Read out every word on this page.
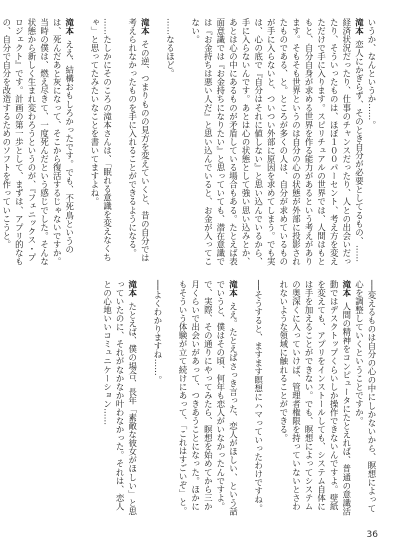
いうか、なんというか……。

滝本恋人にかぎらず、そのとき自分が必要としてるもの、……経済状況だったり、仕事のチャンスだったり、人との出会いだったり、そういったものは、ほぼ１００パーセント、考え方を変えただけで手に入ります。スピリチュアルの世界では、人間はもともと、自分自身が求める世界を作る能力があるという考えがあります。そもそも世界というのは自分の心の状態が外部に投影されたものである、と。ところが多くの人は、自分が求めているものが手に入らないと、ついつい外部に原因を求めてしまう。でも実は、心の底で『自分はそれに値しない』と思い込んでいるから、手に入らないんです。あとは心の状態として強い思い込みとか、あとは心の中にあるものが矛盾している場合もある。たとえば表面意識では『お金持ちになりたい』と思っていても、潜在意識では『お金持ちは悪い人だ』と思い込んでいると、お金が入ってこない。

……なるほど。

滝本その逆、つまりものの見方を変えていくと、昔の自分では考えられなかったものを手に入れることができるようになる。

……たしかにそのころの滝本さんは、「眠れる意識を変えなくちゃ」と思ってたみたいなことを書いてますよね。

滝本ええ、結構おもしろかったです。でも、不死鳥というのは、死んだあと灰になって、そこから復活するじゃないですか。当時の僕は、燃え尽きて、一度死んだという感じでした。そんな状態から新しく生まれ変わろうというのが、『フェニックス・プロジェクト』です。計画の第一歩として、まずは、アプリ的なもの、自分で自分を改造するためのソフトを作っていこうと。

──変えるものは自分の心の中にしかないから、瞑想によって心を調整していくということですか。

滝本人間の精神をコンピュータにたとえれば、普通の意識活動ではデスクトップくらいしか操作できないんですよ。壁紙を変えても、アプリをインストールしても、システム自体には手を加えることができない。でも、瞑想によってシステムの奥深くに入っていけば、管理者権限を持っていないとさわれないような領域に触れることができる。

──そうすると、ますます瞑想にハマっていったわけですね。

滝本ええ。たとえばさっき言った、恋人がほしい、という話でいうと、僕はその頃、何年も恋人がいなかったんですよ。で、実際、その通りにやってみたら、瞑想を始めてから三か月くらいで出会いがあって、つきあうことになった。ほかにもそういう体験が立て続けにあって、「これはすごいぞ」と。

──よくわかりますね……。

滝本たとえば、僕の場合、長年「素敵な彼女がほしい」と思っていたのに、それがなかなか叶わなかった。それは、恋人との心地いいコミュニケーション……

36
